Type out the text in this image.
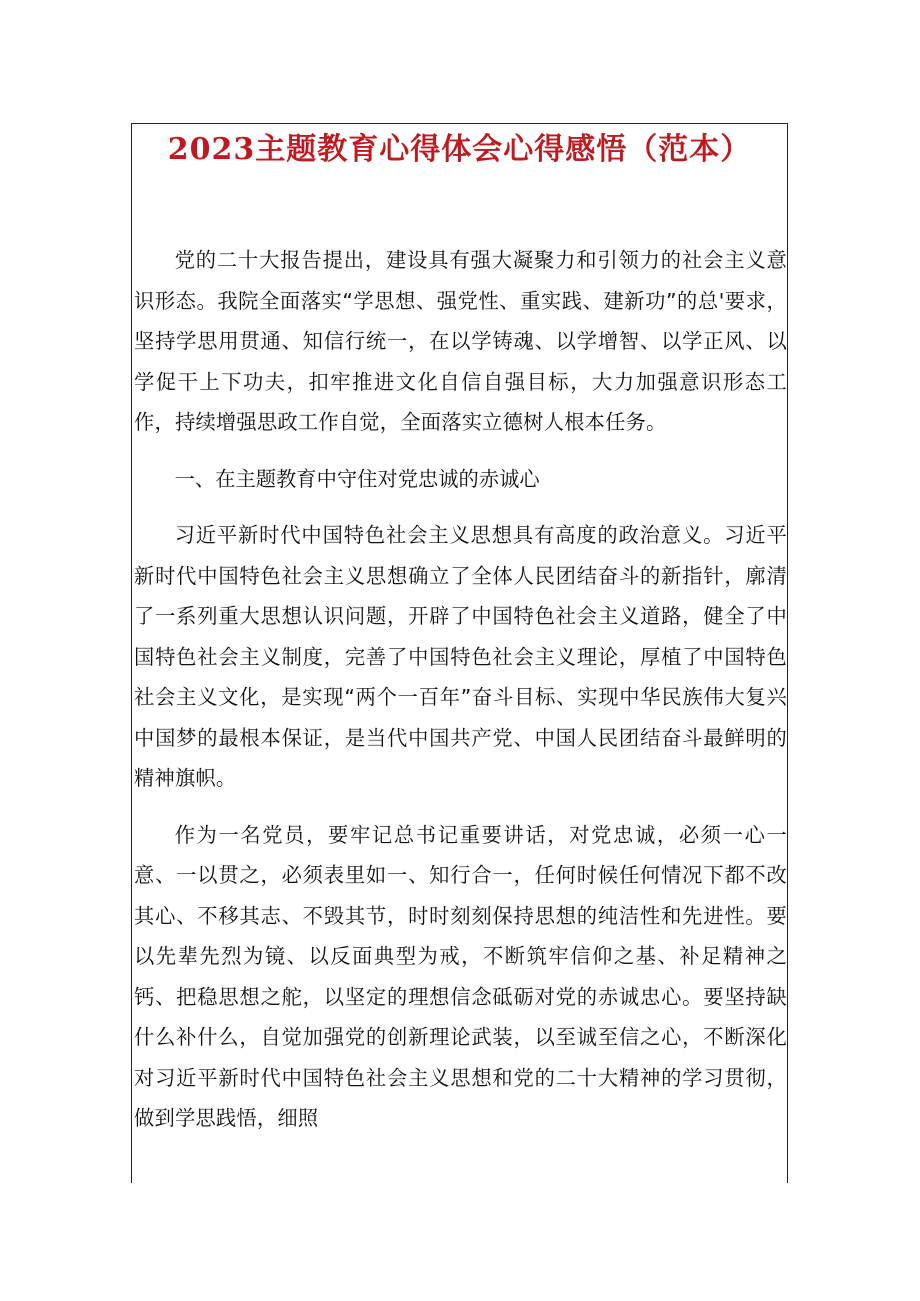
2023主题教育心得体会心得感悟（范本）

党的二十大报告提出，建设具有强大凝聚力和引领力的社会主义意识形态。我院全面落实“学思想、强党性、重实践、建新功”的总'要求，坚持学思用贯通、知信行统一，在以学铸魂、以学增智、以学正风、以学促干上下功夫，扣牢推进文化自信自强目标，大力加强意识形态工作，持续增强思政工作自觉，全面落实立德树人根本任务。

一、在主题教育中守住对党忠诚的赤诚心

习近平新时代中国特色社会主义思想具有高度的政治意义。习近平新时代中国特色社会主义思想确立了全体人民团结奋斗的新指针，廓清了一系列重大思想认识问题，开辟了中国特色社会主义道路，健全了中国特色社会主义制度，完善了中国特色社会主义理论，厚植了中国特色社会主义文化，是实现“两个一百年”奋斗目标、实现中华民族伟大复兴中国梦的最根本保证，是当代中国共产党、中国人民团结奋斗最鲜明的精神旗帜。

作为一名党员，要牢记总书记重要讲话，对党忠诚，必须一心一意、一以贯之，必须表里如一、知行合一，任何时候任何情况下都不改其心、不移其志、不毁其节，时时刻刻保持思想的纯洁性和先进性。要以先辈先烈为镜、以反面典型为戒，不断筑牢信仰之基、补足精神之钙、把稳思想之舵，以坚定的理想信念砥砺对党的赤诚忠心。要坚持缺什么补什么，自觉加强党的创新理论武装，以至诚至信之心，不断深化对习近平新时代中国特色社会主义思想和党的二十大精神的学习贯彻，做到学思践悟，细照
